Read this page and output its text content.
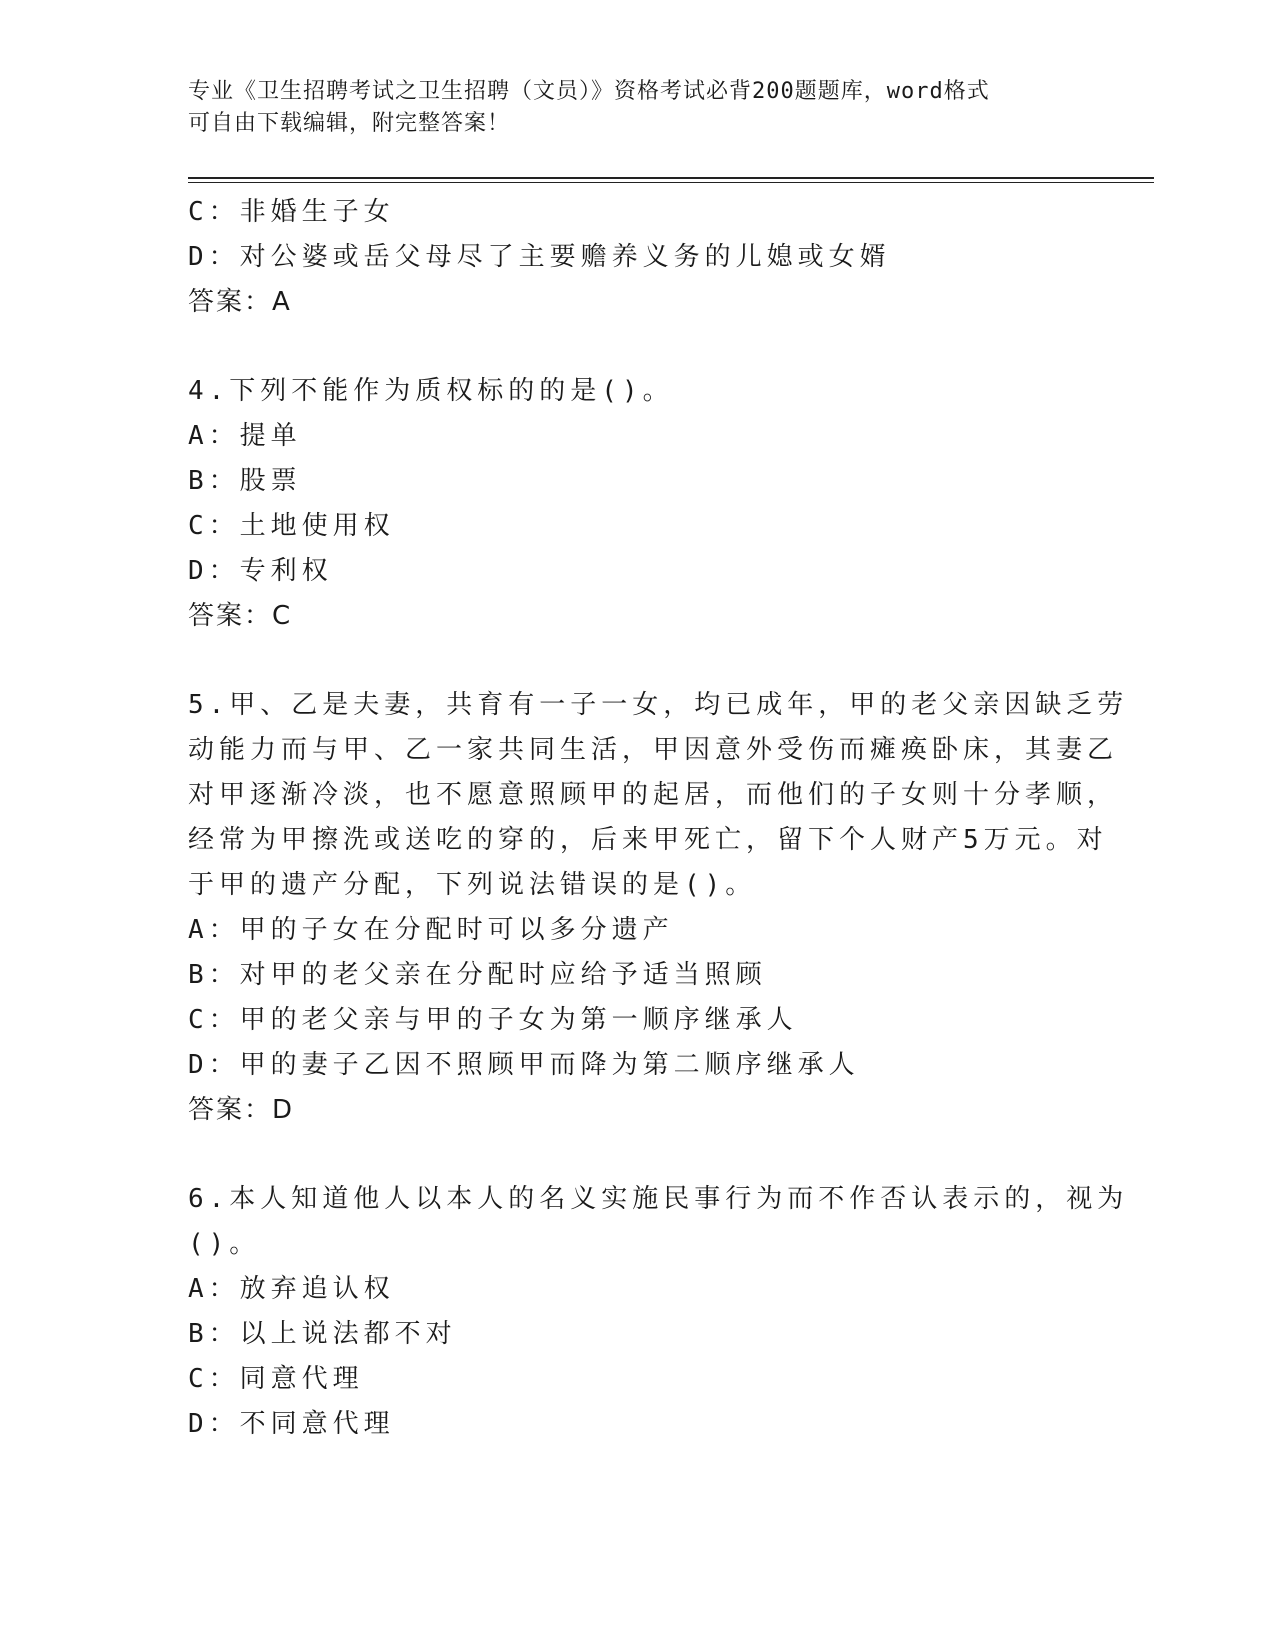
专业《卫生招聘考试之卫生招聘（文员）》资格考试必背200题题库，word格式
可自由下载编辑，附完整答案！
C：非婚生子女
D：对公婆或岳父母尽了主要赡养义务的儿媳或女婿
答案：A
4.下列不能作为质权标的的是()。
A：提单
B：股票
C：土地使用权
D：专利权
答案：C
5.甲、乙是夫妻，共育有一子一女，均已成年，甲的老父亲因缺乏劳
动能力而与甲、乙一家共同生活，甲因意外受伤而瘫痪卧床，其妻乙
对甲逐渐冷淡，也不愿意照顾甲的起居，而他们的子女则十分孝顺，
经常为甲擦洗或送吃的穿的，后来甲死亡，留下个人财产5万元。对
于甲的遗产分配，下列说法错误的是()。
A：甲的子女在分配时可以多分遗产
B：对甲的老父亲在分配时应给予适当照顾
C：甲的老父亲与甲的子女为第一顺序继承人
D：甲的妻子乙因不照顾甲而降为第二顺序继承人
答案：D
6.本人知道他人以本人的名义实施民事行为而不作否认表示的，视为
()。
A：放弃追认权
B：以上说法都不对
C：同意代理
D：不同意代理
